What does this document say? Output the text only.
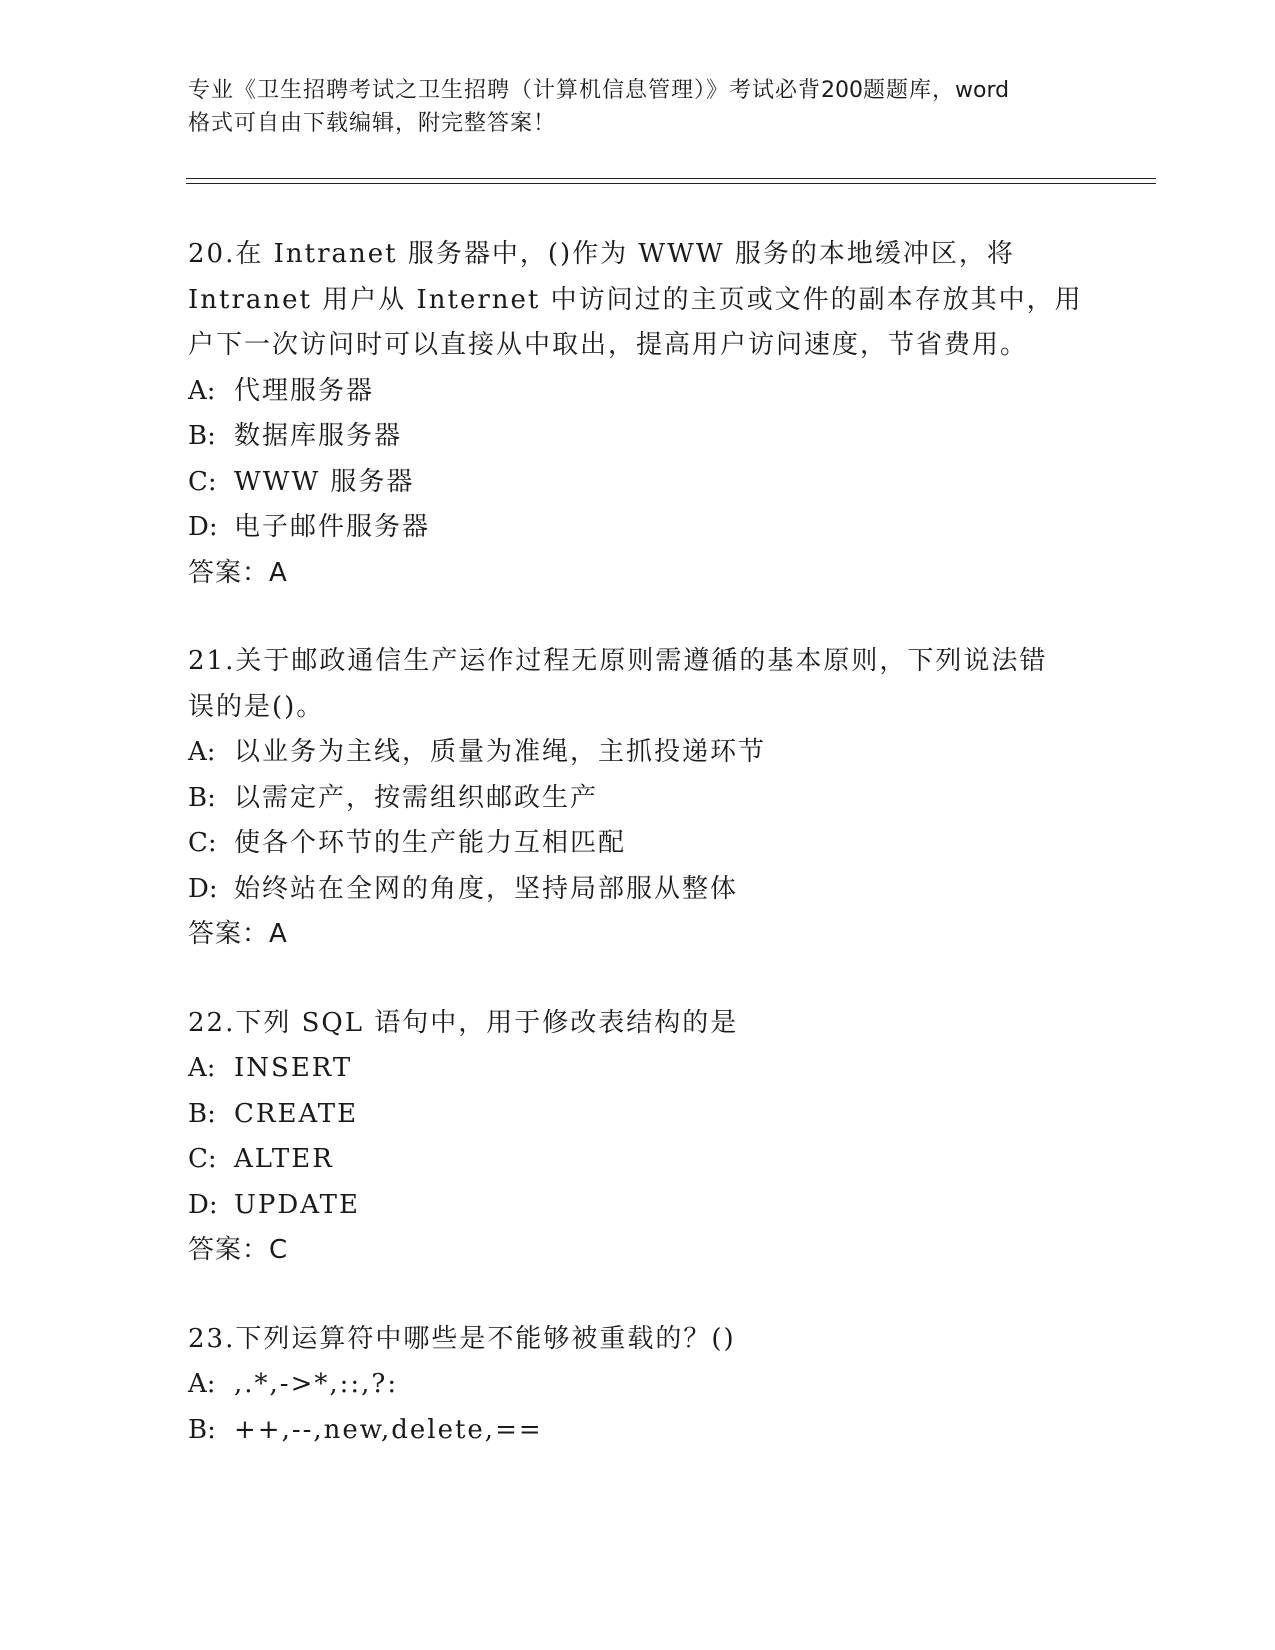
专业《卫生招聘考试之卫生招聘（计算机信息管理）》考试必背200题题库，word
格式可自由下载编辑，附完整答案！
20.在 Intranet 服务器中，()作为 WWW 服务的本地缓冲区，将
Intranet 用户从 Internet 中访问过的主页或文件的副本存放其中，用
户下一次访问时可以直接从中取出，提高用户访问速度，节省费用。
A: 代理服务器
B: 数据库服务器
C: WWW 服务器
D: 电子邮件服务器
答案：A
21.关于邮政通信生产运作过程无原则需遵循的基本原则，下列说法错
误的是()。
A: 以业务为主线，质量为准绳，主抓投递环节
B: 以需定产，按需组织邮政生产
C: 使各个环节的生产能力互相匹配
D: 始终站在全网的角度，坚持局部服从整体
答案：A
22.下列 SQL 语句中，用于修改表结构的是
A: INSERT
B: CREATE
C: ALTER
D: UPDATE
答案：C
23.下列运算符中哪些是不能够被重载的？()
A: ,.*,->*,::,?:
B: ++,--,new,delete,==
